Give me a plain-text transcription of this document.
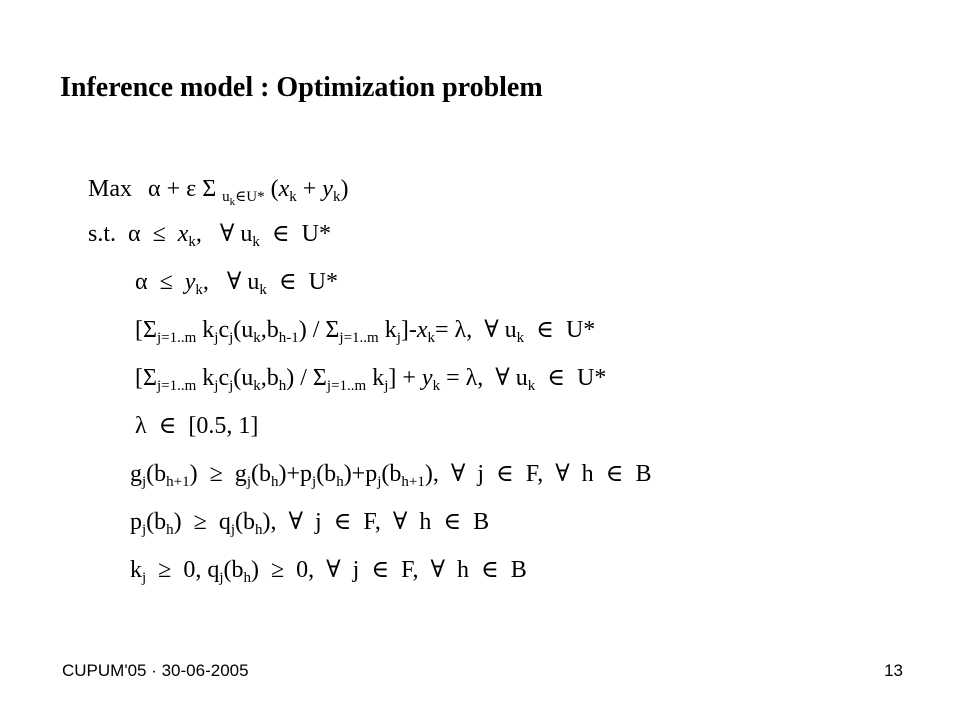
Inference model : Optimization problem
Max α + ε Σ $_{u_k\in U*}$ $(x_k + y_k)$
s.t.  $\alpha \le x_k$, ∀ $u_k$  ∈  U*
$\alpha \le y_k$, ∀ $u_k$  ∈  U*
[$\Sigma_{j=1..m}$ $k_jc_j(u_k,b_{h-1}) / \Sigma_{j=1..m}$ $k_j]-x_k= \lambda$,  ∀ $u_k$  ∈  U*
[$\Sigma_{j=1..m}$ $k_jc_j(u_k,b_h) / \Sigma_{j=1..m}$ $k_j] + y_k = \lambda$,  ∀ $u_k$  ∈  U*
λ  ∈  [0.5, 1]
$g_j(b_{h+1}) \ge g_j(b_h)+p_j(b_h)+p_j(b_{h+1})$,  ∀  j  ∈  F,  ∀  h  ∈  B
$p_j(b_h) \ge q_j(b_h)$,  ∀  j  ∈  F,  ∀  h  ∈  B
$k_j \ge 0$, $q_j(b_h) \ge 0$,  ∀  j  ∈  F,  ∀  h  ∈  B
CUPUM'05 · 30-06-2005	13
